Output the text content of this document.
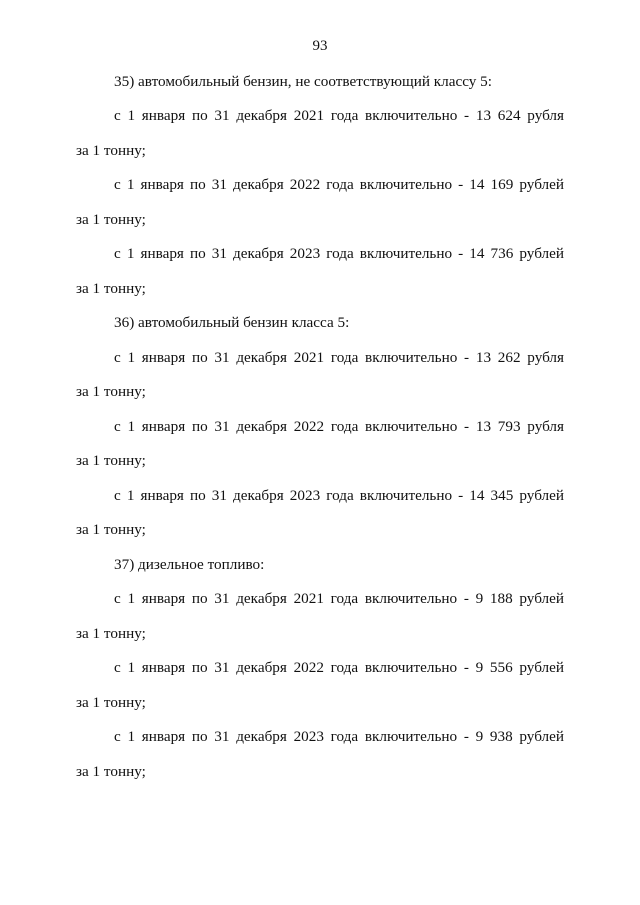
93
35) автомобильный бензин, не соответствующий классу 5:
с 1 января по 31 декабря 2021 года включительно - 13 624 рубля
за 1 тонну;
с 1 января по 31 декабря 2022 года включительно - 14 169 рублей
за 1 тонну;
с 1 января по 31 декабря 2023 года включительно - 14 736 рублей
за 1 тонну;
36) автомобильный бензин класса 5:
с 1 января по 31 декабря 2021 года включительно - 13 262 рубля
за 1 тонну;
с 1 января по 31 декабря 2022 года включительно - 13 793 рубля
за 1 тонну;
с 1 января по 31 декабря 2023 года включительно - 14 345 рублей
за 1 тонну;
37) дизельное топливо:
с 1 января по 31 декабря 2021 года включительно - 9 188 рублей
за 1 тонну;
с 1 января по 31 декабря 2022 года включительно - 9 556 рублей
за 1 тонну;
с 1 января по 31 декабря 2023 года включительно - 9 938 рублей
за 1 тонну;
